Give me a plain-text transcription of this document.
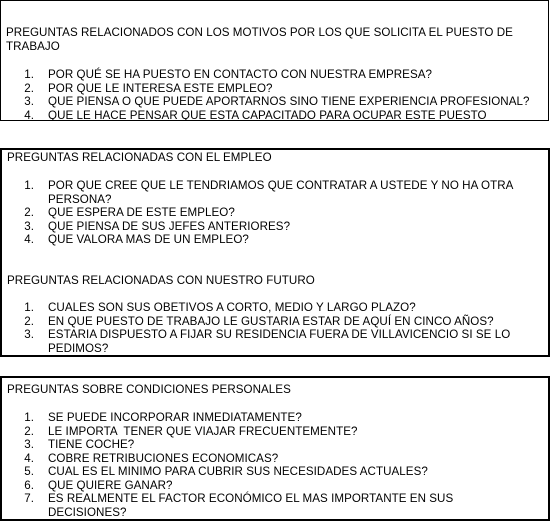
PREGUNTAS RELACIONADOS CON LOS MOTIVOS POR LOS QUE SOLICITA EL PUESTO DE TRABAJO

1. POR QUÉ SE HA PUESTO EN CONTACTO CON NUESTRA EMPRESA?
2. POR QUE LE INTERESA ESTE EMPLEO?
3. QUE PIENSA O QUE PUEDE APORTARNOS SINO TIENE EXPERIENCIA PROFESIONAL?
4. QUE LE HACE PENSAR QUE ESTA CAPACITADO PARA OCUPAR ESTE PUESTO

PREGUNTAS RELACIONADAS CON EL EMPLEO

1. POR QUE CREE QUE LE TENDRIAMOS QUE CONTRATAR A USTEDE Y NO HA OTRA PERSONA?
2. QUE ESPERA DE ESTE EMPLEO?
3. QUE PIENSA DE SUS JEFES ANTERIORES?
4. QUE VALORA MAS DE UN EMPLEO?

PREGUNTAS RELACIONADAS CON NUESTRO FUTURO

1. CUALES SON SUS OBETIVOS A CORTO, MEDIO Y LARGO PLAZO?
2. EN QUE PUESTO DE TRABAJO LE GUSTARIA ESTAR DE AQUÍ EN CINCO AÑOS?
3. ESTARIA DISPUESTO A FIJAR SU RESIDENCIA FUERA DE VILLAVICENCIO SI SE LO PEDIMOS?

PREGUNTAS SOBRE CONDICIONES PERSONALES

1. SE PUEDE INCORPORAR INMEDIATAMENTE?
2. LE IMPORTA  TENER QUE VIAJAR FRECUENTEMENTE?
3. TIENE COCHE?
4. COBRE RETRIBUCIONES ECONOMICAS?
5. CUAL ES EL MINIMO PARA CUBRIR SUS NECESIDADES ACTUALES?
6. QUE QUIERE GANAR?
7. ES REALMENTE EL FACTOR ECONÓMICO EL MAS IMPORTANTE EN SUS DECISIONES?
